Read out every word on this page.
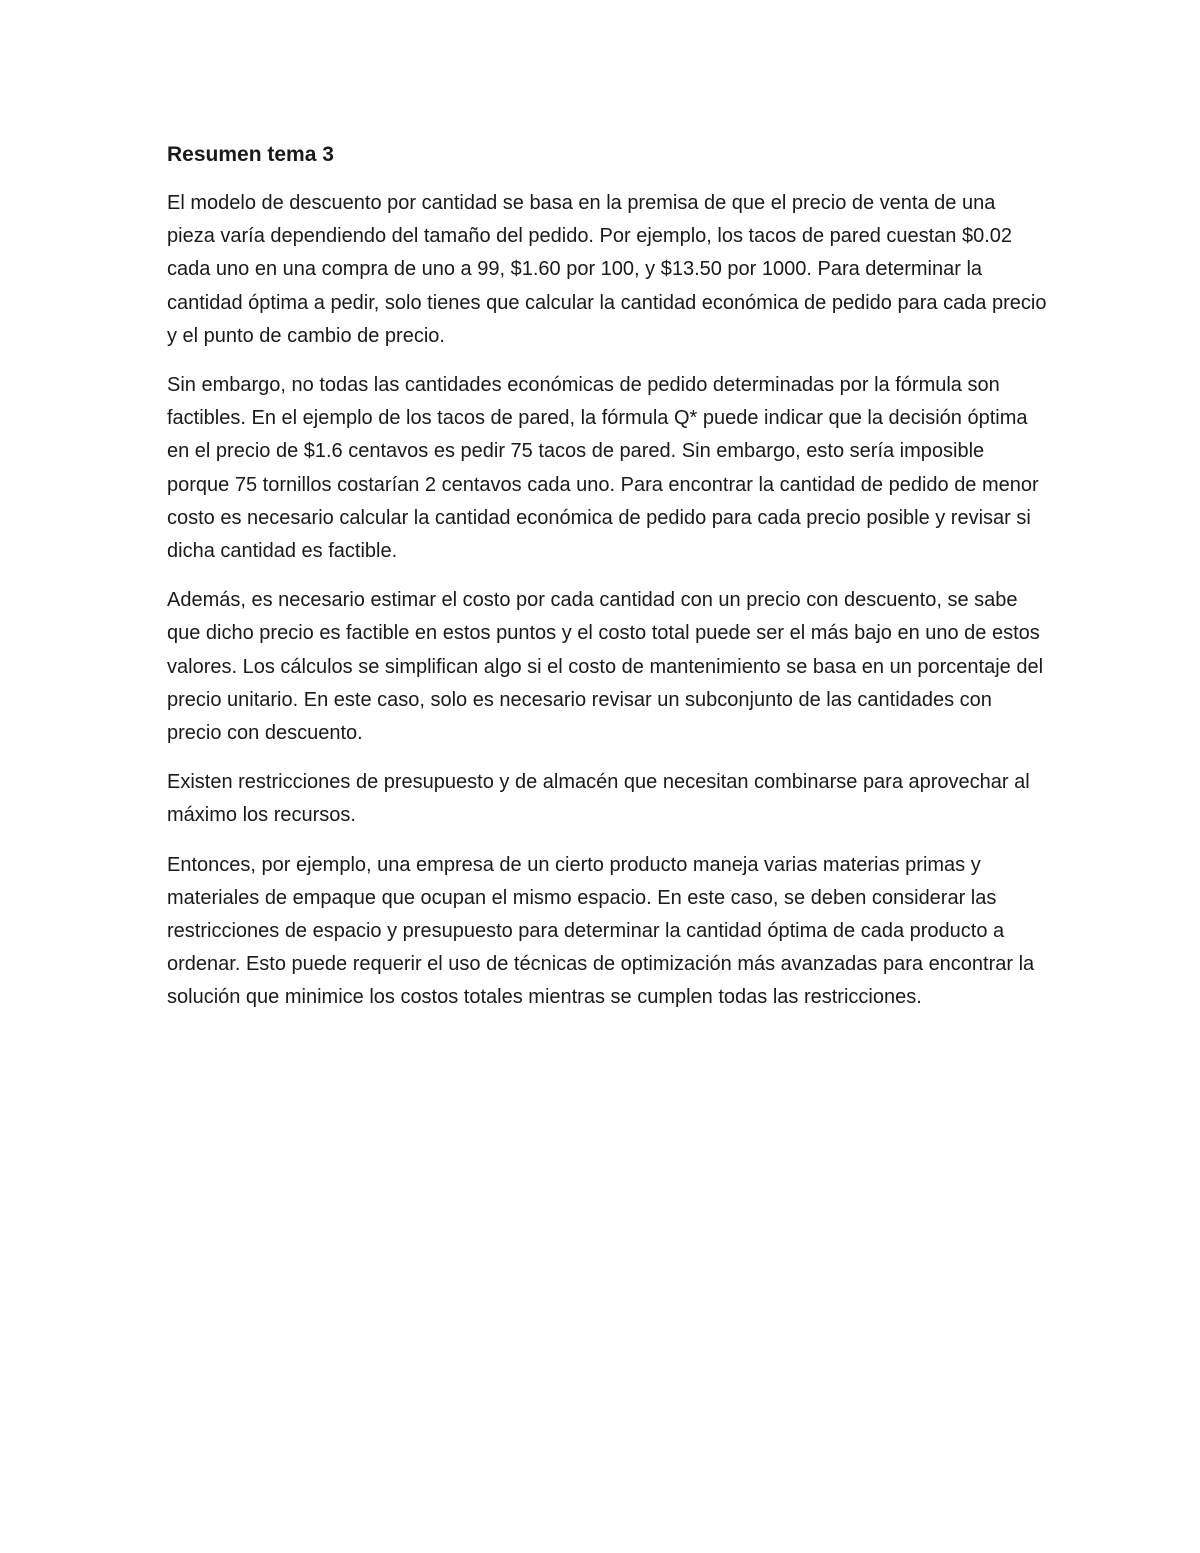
Resumen tema 3

El modelo de descuento por cantidad se basa en la premisa de que el precio de venta de una pieza varía dependiendo del tamaño del pedido. Por ejemplo, los tacos de pared cuestan $0.02 cada uno en una compra de uno a 99, $1.60 por 100, y $13.50 por 1000. Para determinar la cantidad óptima a pedir, solo tienes que calcular la cantidad económica de pedido para cada precio y el punto de cambio de precio.

Sin embargo, no todas las cantidades económicas de pedido determinadas por la fórmula son factibles. En el ejemplo de los tacos de pared, la fórmula Q* puede indicar que la decisión óptima en el precio de $1.6 centavos es pedir 75 tacos de pared. Sin embargo, esto sería imposible porque 75 tornillos costarían 2 centavos cada uno. Para encontrar la cantidad de pedido de menor costo es necesario calcular la cantidad económica de pedido para cada precio posible y revisar si dicha cantidad es factible.

Además, es necesario estimar el costo por cada cantidad con un precio con descuento, se sabe que dicho precio es factible en estos puntos y el costo total puede ser el más bajo en uno de estos valores. Los cálculos se simplifican algo si el costo de mantenimiento se basa en un porcentaje del precio unitario. En este caso, solo es necesario revisar un subconjunto de las cantidades con precio con descuento.

Existen restricciones de presupuesto y de almacén que necesitan combinarse para aprovechar al máximo los recursos.

Entonces, por ejemplo, una empresa de un cierto producto maneja varias materias primas y materiales de empaque que ocupan el mismo espacio. En este caso, se deben considerar las restricciones de espacio y presupuesto para determinar la cantidad óptima de cada producto a ordenar. Esto puede requerir el uso de técnicas de optimización más avanzadas para encontrar la solución que minimice los costos totales mientras se cumplen todas las restricciones.
